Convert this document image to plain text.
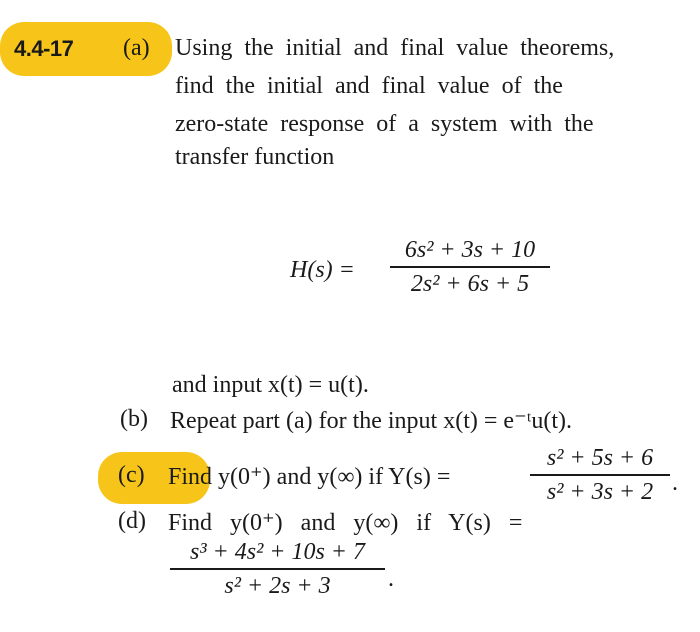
4.4-17 (a) Using the initial and final value theorems,
find the initial and final value of the
zero-state response of a system with the
transfer function
H(s) =
6s² + 3s + 10
2s² + 6s + 5
and input x(t) = u(t).
(b) Repeat part (a) for the input x(t) = e⁻ᵗu(t).
(c) Find y(0⁺) and y(∞) if Y(s) =
s² + 5s + 6
s² + 3s + 2 .
(d) Find   y(0⁺)   and   y(∞)   if   Y(s)   =
s³ + 4s² + 10s + 7
s² + 2s + 3	.
